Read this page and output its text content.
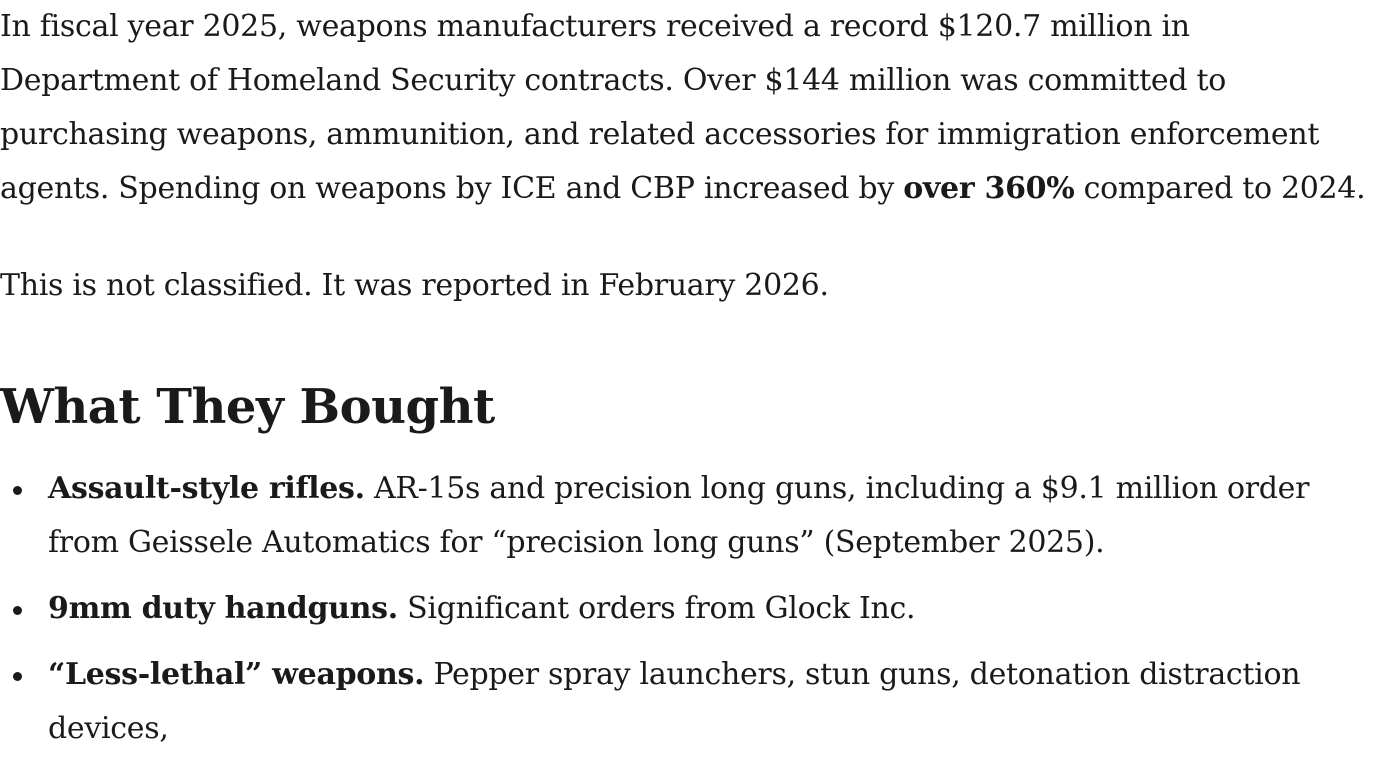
In fiscal year 2025, weapons manufacturers received a record $120.7 million in Department of Homeland Security contracts. Over $144 million was committed to purchasing weapons, ammunition, and related accessories for immigration enforcement agents. Spending on weapons by ICE and CBP increased by over 360% compared to 2024.

This is not classified. It was reported in February 2026.

What They Bought
Assault-style rifles. AR-15s and precision long guns, including a $9.1 million order from Geissele Automatics for “precision long guns” (September 2025).
9mm duty handguns. Significant orders from Glock Inc.
“Less-lethal” weapons. Pepper spray launchers, stun guns, detonation distraction devices,
